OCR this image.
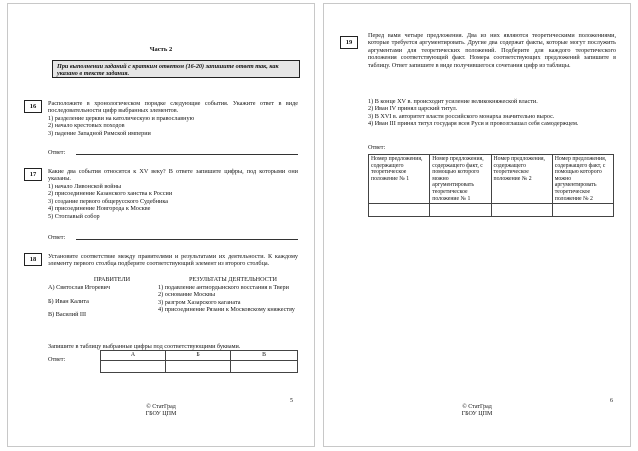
Часть 2
При выполнении заданий с кратким ответом (16-20) запишите ответ так, как указано в тексте задания.
16	Расположите в хронологическом порядке следующие события. Укажите ответ в виде последовательности цифр выбранных элементов.
1) разделение церкви на католическую и православную
2) начало крестовых походов
3) падение Западной Римской империи
Ответ:
17	Какие два события относятся к XV веку? В ответе запишите цифры, под которыми они указаны.
1) начало Ливонской войны
2) присоединение Казанского ханства к России
3) создание первого общерусского Судебника
4) присоединение Новгорода к Москве
5) Стоглавый собор
Ответ:
18	Установите соответствие между правителями и результатами их деятельности. К каждому элементу первого столбца подберите соответствующий элемент из второго столбца.
ПРАВИТЕЛИ	РЕЗУЛЬТАТЫ ДЕЯТЕЛЬНОСТИ
А) Святослав Игоревич
Б) Иван Калита
В) Василий III
1) подавление антиордынского восстания в Твери
2) основание Москвы
3) разгром Хазарского каганата
4) присоединение Рязани к Московскому княжеству
Запишите в таблицу выбранные цифры под соответствующими буквами.
Ответ:
А	Б	В

5
© СтатГрад
ГБОУ ЦПМ
19
Перед вами четыре предложения. Два из них являются теоретическими положениями, которые требуется аргументировать. Другие два содержат факты, которые могут послужить аргументами для теоретических положений. Подберите для каждого теоретического положения соответствующий факт. Номера соответствующих предложений запишите в таблицу. Ответ запишите в виде получившегося сочетания цифр из таблицы.
1) В конце XV в. происходит усиление великокняжеской власти.
2) Иван IV принял царский титул.
3) В XVI в. авторитет власти российского монарха значительно вырос.
4) Иван III принял титул государя всея Руси и провозглашал себя самодержцем.
Ответ:
Номер предложения, содержащего теоретическое положение № 1	Номер предложения, содержащего факт, с помощью которого можно аргументировать теоретическое положение № 1	Номер предложения, содержащего теоретическое положение № 2	Номер предложения, содержащего факт, с помощью которого можно аргументировать теоретическое положение № 2

6
© СтатГрад
ГБОУ ЦПМ
